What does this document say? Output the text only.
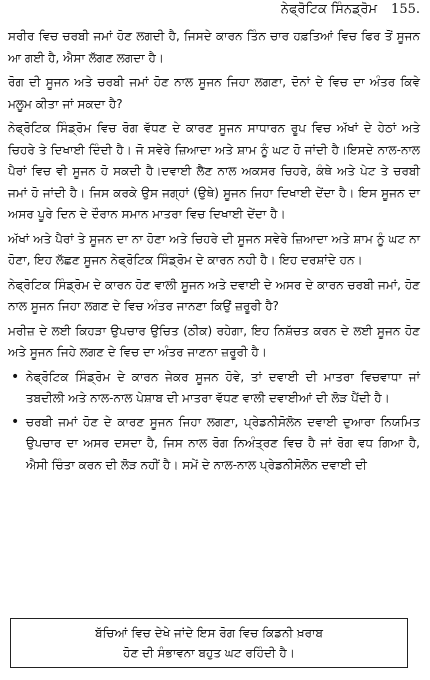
ਨੇਫ੍ਰੋਟਿਕ ਸਿੰਨਡ੍ਰੋਮ 155.

ਸਰੀਰ ਵਿਚ ਚਰਬੀ ਜਮਾਂ ਹੋਣ ਲਗਦੀ ਹੈ, ਜਿਸਦੇ ਕਾਰਨ ਤਿੰਨ ਚਾਰ ਹਫ਼ਤਿਆਂ ਵਿਚ ਫਿਰ ਤੋਂ ਸੂਜਨ ਆ ਗਈ ਹੈ, ਐਸਾ ਲੱਗਣ ਲਗਦਾ ਹੈ।

ਰੋਗ ਦੀ ਸੂਜਨ ਅਤੇ ਚਰਬੀ ਜਮਾਂ ਹੋਣ ਨਾਲ ਸੂਜਨ ਜਿਹਾ ਲਗਣਾ, ਦੋਨਾਂ ਦੇ ਵਿਚ ਦਾ ਅੰਤਰ ਕਿਵੇ ਮਲੂਮ ਕੀਤਾ ਜਾਂ ਸਕਦਾ ਹੈ?

ਨੇਫ੍ਰੋਟਿਕ ਸਿੰਡ੍ਰੋਮ ਵਿਚ ਰੋਗ ਵੱਧਣ ਦੇ ਕਾਰਣ ਸੂਜਨ ਸਾਧਾਰਨ ਰੂਪ ਵਿਚ ਅੱਖਾਂ ਦੇ ਹੇਠਾਂ ਅਤੇ ਚਿਹਰੇ ਤੇ ਦਿਖਾਈ ਦਿੰਦੀ ਹੈ। ਜੋ ਸਵੇਰੇ ਜ਼ਿਆਦਾ ਅਤੇ ਸ਼ਾਮ ਨੂੰ ਘਟ ਹੋ ਜਾਂਦੀ ਹੈ।ਇਸਦੇ ਨਾਲ-ਨਾਲ ਪੈਰਾਂ ਵਿਚ ਵੀ ਸੂਜਨ ਹੋ ਸਕਦੀ ਹੈ।ਦਵਾਈ ਲੈਣ ਨਾਲ ਅਕਸਰ ਚਿਹਰੇ, ਕੰਥੇ ਅਤੇ ਪੇਟ ਤੇ ਚਰਬੀ ਜਮਾਂ ਹੋ ਜਾਂਦੀ ਹੈ। ਜਿਸ ਕਰਕੇ ਉਸ ਜਗ੍ਹਾਂ (ਉਥੇ) ਸੂਜਨ ਜਿਹਾ ਦਿਖਾਈ ਦੇਂਦਾ ਹੈ। ਇਸ ਸੂਜਨ ਦਾ ਅਸਰ ਪੂਰੇ ਦਿਨ ਦੇ ਦੌਰਾਨ ਸਮਾਨ ਮਾਤਰਾ ਵਿਚ ਦਿਖਾਈ ਦੇਂਦਾ ਹੈ।

ਅੱਖਾਂ ਅਤੇ ਪੈਰਾਂ ਤੇ ਸੂਜਨ ਦਾ ਨਾ ਹੋਣਾ ਅਤੇ ਚਿਹਰੇ ਦੀ ਸੂਜਨ ਸਵੇਰੇ ਜ਼ਿਆਦਾ ਅਤੇ ਸ਼ਾਮ ਨੂੰ ਘਟ ਨਾ ਹੋਣਾ, ਇਹ ਲੱਛਣ ਸੂਜਨ ਨੇਫ੍ਰੋਟਿਕ ਸਿੰਡ੍ਰੋਮ ਦੇ ਕਾਰਨ ਨਹੀ ਹੈ। ਇਹ ਦਰਸ਼ਾਂਦੇ ਹਨ।

ਨੇਫ੍ਰੋਟਿਕ ਸਿੰਡ੍ਰੋਮ ਦੇ ਕਾਰਨ ਹੋਣ ਵਾਲੀ ਸੂਜਨ ਅਤੇ ਦਵਾਈ ਦੇ ਅਸਰ ਦੇ ਕਾਰਨ ਚਰਬੀ ਜਮਾਂ, ਹੋਣ ਨਾਲ ਸੂਜਨ ਜਿਹਾ ਲਗਣ ਦੇ ਵਿਚ ਅੰਤਰ ਜਾਨਣਾ ਕਿਉਂ ਜ਼ਰੂਰੀ ਹੈ?

ਮਰੀਜ਼ ਦੇ ਲਈ ਕਿਹੜਾ ਉਪਚਾਰ ਉਚਿਤ (ਠੀਕ) ਰਹੇਗਾ, ਇਹ ਨਿਸ਼ੱਚਤ ਕਰਨ ਦੇ ਲਈ ਸੂਜਨ ਹੋਣ ਅਤੇ ਸੂਜਨ ਜਿਹੇ ਲਗਣ ਦੇ ਵਿਚ ਦਾ ਅੰਤਰ ਜਾਣਨਾ ਜ਼ਰੂਰੀ ਹੈ।

• ਨੇਫ੍ਰੋਟਿਕ ਸਿੰਡ੍ਰੋਮ ਦੇ ਕਾਰਨ ਜੇਕਰ ਸੂਜਨ ਹੋਵੇ, ਤਾਂ ਦਵਾਈ ਦੀ ਮਾਤਰਾ ਵਿਚਵਾਧਾ ਜਾਂ ਤਬਦੀਲੀ ਅਤੇ ਨਾਲ-ਨਾਲ ਪੇਸ਼ਾਬ ਦੀ ਮਾਤਰਾ ਵੱਧਣ ਵਾਲੀ ਦਵਾਈਆਂ ਦੀ ਲੋੜ ਪੈਂਦੀ ਹੈ।
• ਚਰਬੀ ਜਮਾਂ ਹੋਣ ਦੇ ਕਾਰਣ ਸੂਜਨ ਜਿਹਾ ਲਗਣਾ, ਪ੍ਰੇਡਨੀਸੋਲੋਨ ਦਵਾਈ ਦੁਆਰਾ ਨਿਯਮਿਤ ਉਪਚਾਰ ਦਾ ਅਸਰ ਦਸਦਾ ਹੈ, ਜਿਸ ਨਾਲ ਰੋਗ ਨਿਅੰਤ੍ਰਣ ਵਿਚ ਹੈ ਜਾਂ ਰੋਗ ਵਧ ਗਿਆ ਹੈ, ਐਸੀ ਚਿੰਤਾ ਕਰਨ ਦੀ ਲੋੜ ਨਹੀਂ ਹੈ। ਸਮੇਂ ਦੇ ਨਾਲ-ਨਾਲ ਪ੍ਰੇਡਨੀਸੋਲੋਨ ਦਵਾਈ ਦੀ
ਬੱਚਿਆਂ ਵਿਚ ਦੇਖੇ ਜਾਂਦੇ ਇਸ ਰੋਗ ਵਿਚ ਕਿਡਨੀ ਖ਼ਰਾਬ
ਹੋਣ ਦੀ ਸੰਭਾਵਨਾ ਬਹੁਤ ਘਟ ਰਹਿੰਦੀ ਹੈ।
